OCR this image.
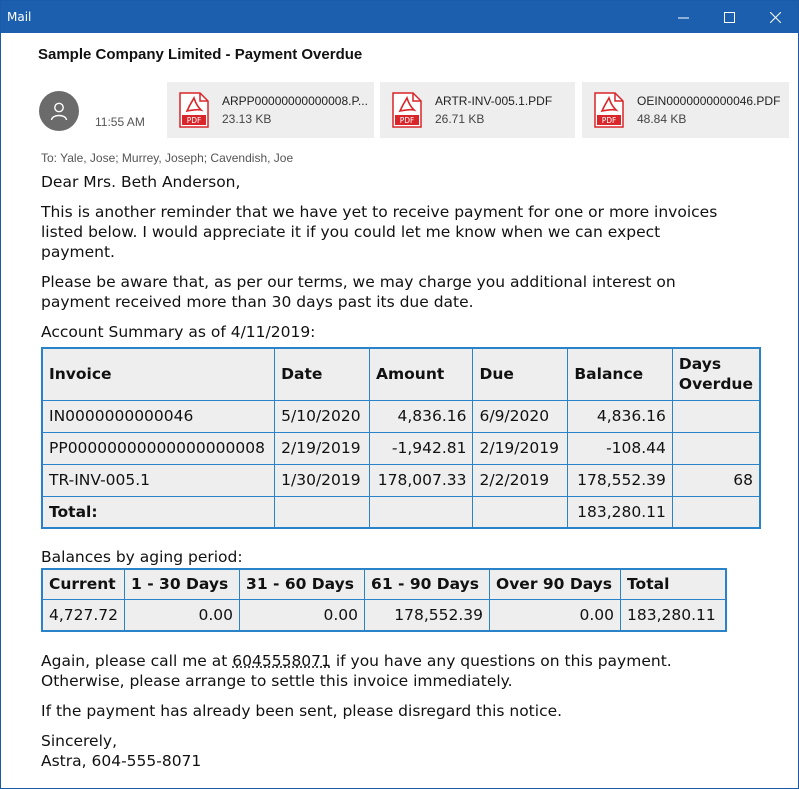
Mail
Sample Company Limited - Payment Overdue
11:55 AM	PDF
ARPP00000000000008.P...
23.13 KB	PDF
ARTR-INV-005.1.PDF
26.71 KB	PDF
OEIN0000000000046.PDF
48.84 KB
To: Yale, Jose; Murrey, Joseph; Cavendish, Joe

Dear Mrs. Beth Anderson,

This is another reminder that we have yet to receive payment for one or more invoices listed below. I would appreciate it if you could let me know when we can expect payment.

Please be aware that, as per our terms, we may charge you additional interest on payment received more than 30 days past its due date.

Account Summary as of 4/11/2019:

Invoice	Date	Amount	Due	Balance	Days Overdue
IN0000000000046	5/10/2020	4,836.16	6/9/2020	4,836.16	
PP00000000000000000008	2/19/2019	-1,942.81	2/19/2019	-108.44	
TR-INV-005.1	1/30/2019	178,007.33	2/2/2019	178,552.39	68
Total:				183,280.11	

Balances by aging period:

Current	1 - 30 Days	31 - 60 Days	61 - 90 Days	Over 90 Days	Total
4,727.72	0.00	0.00	178,552.39	0.00	183,280.11

Again, please call me at 6045558071 if you have any questions on this payment.
Otherwise, please arrange to settle this invoice immediately.

If the payment has already been sent, please disregard this notice.

Sincerely,

Astra, 604-555-8071
